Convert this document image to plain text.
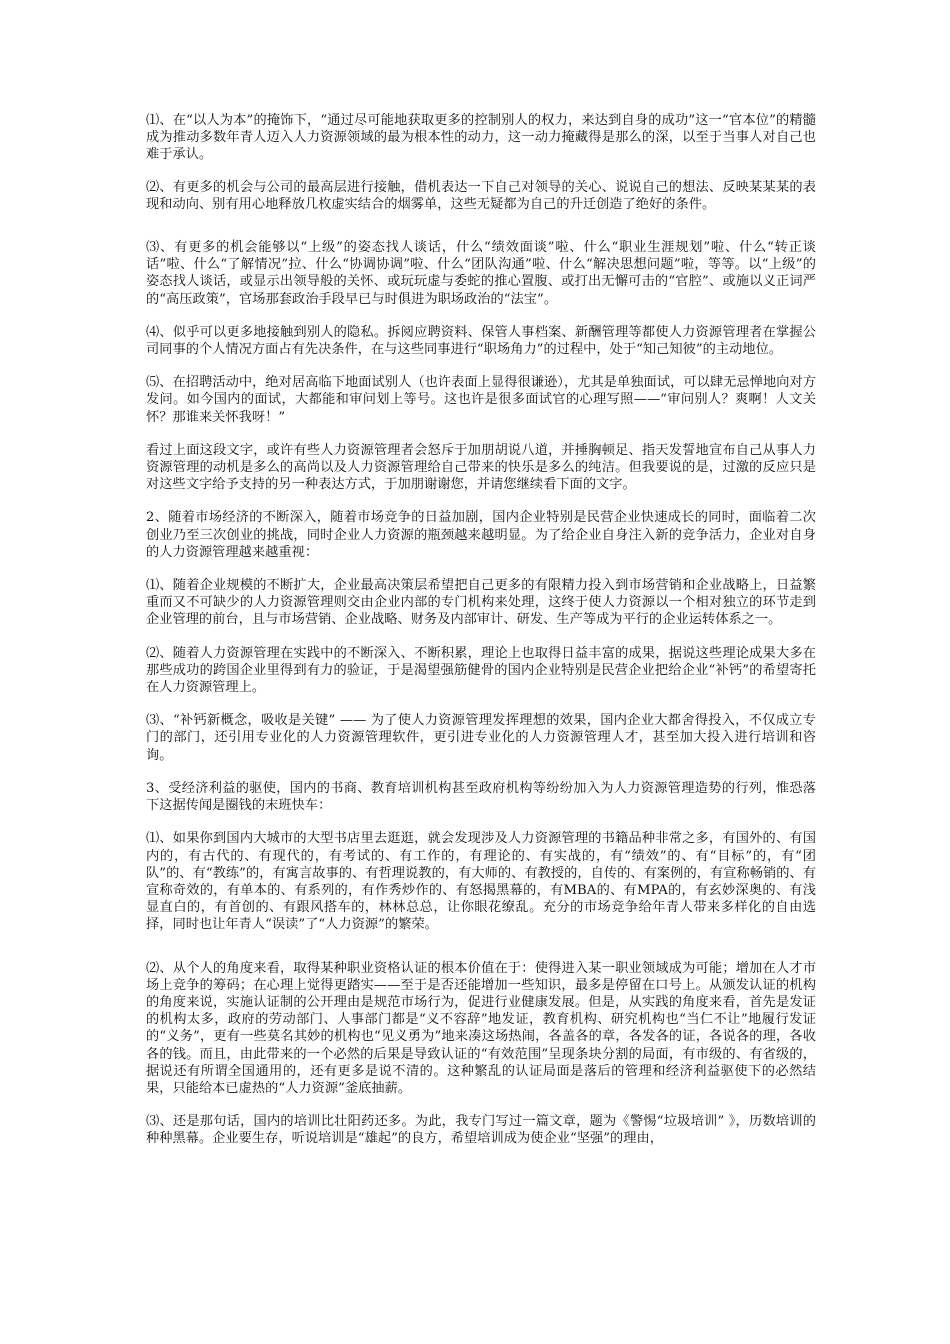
⑴、在“以人为本”的掩饰下，“通过尽可能地获取更多的控制别人的权力，来达到自身的成功”这一“官本位”的精髓成为推动多数年青人迈入人力资源领域的最为根本性的动力，这一动力掩藏得是那么的深，以至于当事人对自己也难于承认。

⑵、有更多的机会与公司的最高层进行接触，借机表达一下自己对领导的关心、说说自己的想法、反映某某某的表现和动向、别有用心地释放几枚虚实结合的烟雾单，这些无疑都为自己的升迁创造了绝好的条件。

⑶、有更多的机会能够以“上级”的姿态找人谈话，什么“绩效面谈”啦、什么“职业生涯规划”啦、什么“转正谈话”啦、什么“了解情况”拉、什么“协调协调”啦、什么“团队沟通”啦、什么“解决思想问题”啦，等等。以“上级”的姿态找人谈话，或显示出领导般的关怀、或玩玩虚与委蛇的推心置腹、或打出无懈可击的“官腔”、或施以义正词严的“高压政策”，官场那套政治手段早已与时俱进为职场政治的“法宝”。

⑷、似乎可以更多地接触到别人的隐私。拆阅应聘资料、保管人事档案、新酬管理等都使人力资源管理者在掌握公司同事的个人情况方面占有先决条件，在与这些同事进行“职场角力”的过程中，处于“知己知彼”的主动地位。

⑸、在招聘活动中，绝对居高临下地面试别人（也许表面上显得很谦逊），尤其是单独面试，可以肆无忌惮地向对方发问。如今国内的面试，大都能和审问划上等号。这也许是很多面试官的心理写照——“审问别人？爽啊！人文关怀？那谁来关怀我呀！”

看过上面这段文字，或许有些人力资源管理者会怒斥于加朋胡说八道，并捶胸顿足、指天发誓地宣布自己从事人力资源管理的动机是多么的高尚以及人力资源管理给自己带来的快乐是多么的纯洁。但我要说的是，过激的反应只是对这些文字给予支持的另一种表达方式，于加朋谢谢您，并请您继续看下面的文字。

2、随着市场经济的不断深入，随着市场竞争的日益加剧，国内企业特别是民营企业快速成长的同时，面临着二次创业乃至三次创业的挑战，同时企业人力资源的瓶颈越来越明显。为了给企业自身注入新的竞争活力，企业对自身的人力资源管理越来越重视：

⑴、随着企业规模的不断扩大，企业最高决策层希望把自己更多的有限精力投入到市场营销和企业战略上，日益繁重而又不可缺少的人力资源管理则交由企业内部的专门机构来处理，这终于使人力资源以一个相对独立的环节走到企业管理的前台，且与市场营销、企业战略、财务及内部审计、研发、生产等成为平行的企业运转体系之一。

⑵、随着人力资源管理在实践中的不断深入、不断积累，理论上也取得日益丰富的成果，据说这些理论成果大多在那些成功的跨国企业里得到有力的验证，于是渴望强筋健骨的国内企业特别是民营企业把给企业“补钙”的希望寄托在人力资源管理上。

⑶、“补钙新概念，吸收是关键” —— 为了使人力资源管理发挥理想的效果，国内企业大都舍得投入，不仅成立专门的部门，还引用专业化的人力资源管理软件，更引进专业化的人力资源管理人才，甚至加大投入进行培训和咨询。

3、受经济利益的驱使，国内的书商、教育培训机构甚至政府机构等纷纷加入为人力资源管理造势的行列，惟恐落下这据传闻是圈钱的末班快车：

⑴、如果你到国内大城市的大型书店里去逛逛，就会发现涉及人力资源管理的书籍品种非常之多，有国外的、有国内的，有古代的、有现代的，有考试的、有工作的，有理论的、有实战的，有“绩效”的、有“目标”的，有“团队”的、有“教练”的，有寓言故事的、有哲理说教的，有大师的、有教授的，自传的、有案例的，有宣称畅销的、有宣称奇效的，有单本的、有系列的，有作秀炒作的、有怒揭黑幕的，有MBA的、有MPA的，有玄妙深奥的、有浅显直白的，有首创的、有跟风搭车的，林林总总，让你眼花缭乱。充分的市场竞争给年青人带来多样化的自由选择，同时也让年青人“误读”了“人力资源”的繁荣。

⑵、从个人的角度来看，取得某种职业资格认证的根本价值在于：使得进入某一职业领域成为可能；增加在人才市场上竞争的筹码；在心理上觉得更踏实——至于是否还能增加一些知识，最多是停留在口号上。从颁发认证的机构的角度来说，实施认证制的公开理由是规范市场行为，促进行业健康发展。但是，从实践的角度来看，首先是发证的机构太多，政府的劳动部门、人事部门都是“义不容辞”地发证，教育机构、研究机构也“当仁不让”地履行发证的“义务”，更有一些莫名其妙的机构也“见义勇为”地来凑这场热闹，各盖各的章，各发各的证，各说各的理，各收各的钱。而且，由此带来的一个必然的后果是导致认证的“有效范围”呈现条块分割的局面，有市级的、有省级的，据说还有所谓全国通用的，还有更多是说不清的。这种繁乱的认证局面是落后的管理和经济利益驱使下的必然结果，只能给本已虚热的“人力资源”釜底抽薪。

⑶、还是那句话，国内的培训比壮阳药还多。为此，我专门写过一篇文章，题为《警惕“垃圾培训” 》，历数培训的种种黑幕。企业要生存，听说培训是“雄起”的良方，希望培训成为使企业“坚强”的理由，
